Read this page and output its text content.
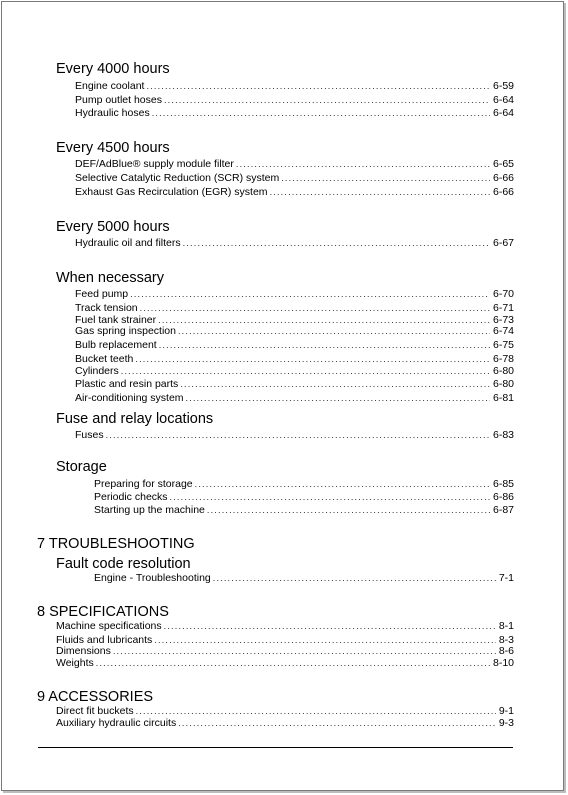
Every 4000 hours
Engine coolant .....	6-59
Pump outlet hoses .....	6-64
Hydraulic hoses .....	6-64
Every 4500 hours
DEF/AdBlue® supply module filter .....	6-65
Selective Catalytic Reduction (SCR) system .....	6-66
Exhaust Gas Recirculation (EGR) system .....	6-66
Every 5000 hours
Hydraulic oil and filters .....	6-67
When necessary
Feed pump .....	6-70
Track tension .....	6-71
Fuel tank strainer .....	6-73
Gas spring inspection .....	6-74
Bulb replacement .....	6-75
Bucket teeth .....	6-78
Cylinders .....	6-80
Plastic and resin parts .....	6-80
Air-conditioning system .....	6-81
Fuse and relay locations
Fuses .....	6-83
Storage
Preparing for storage .....	6-85
Periodic checks .....	6-86
Starting up the machine .....	6-87
7 TROUBLESHOOTING
Fault code resolution
Engine - Troubleshooting .....	7-1
8 SPECIFICATIONS
Machine specifications .....	8-1
Fluids and lubricants .....	8-3
Dimensions .....	8-6
Weights .....	8-10
9 ACCESSORIES
Direct fit buckets .....	9-1
Auxiliary hydraulic circuits .....	9-3
